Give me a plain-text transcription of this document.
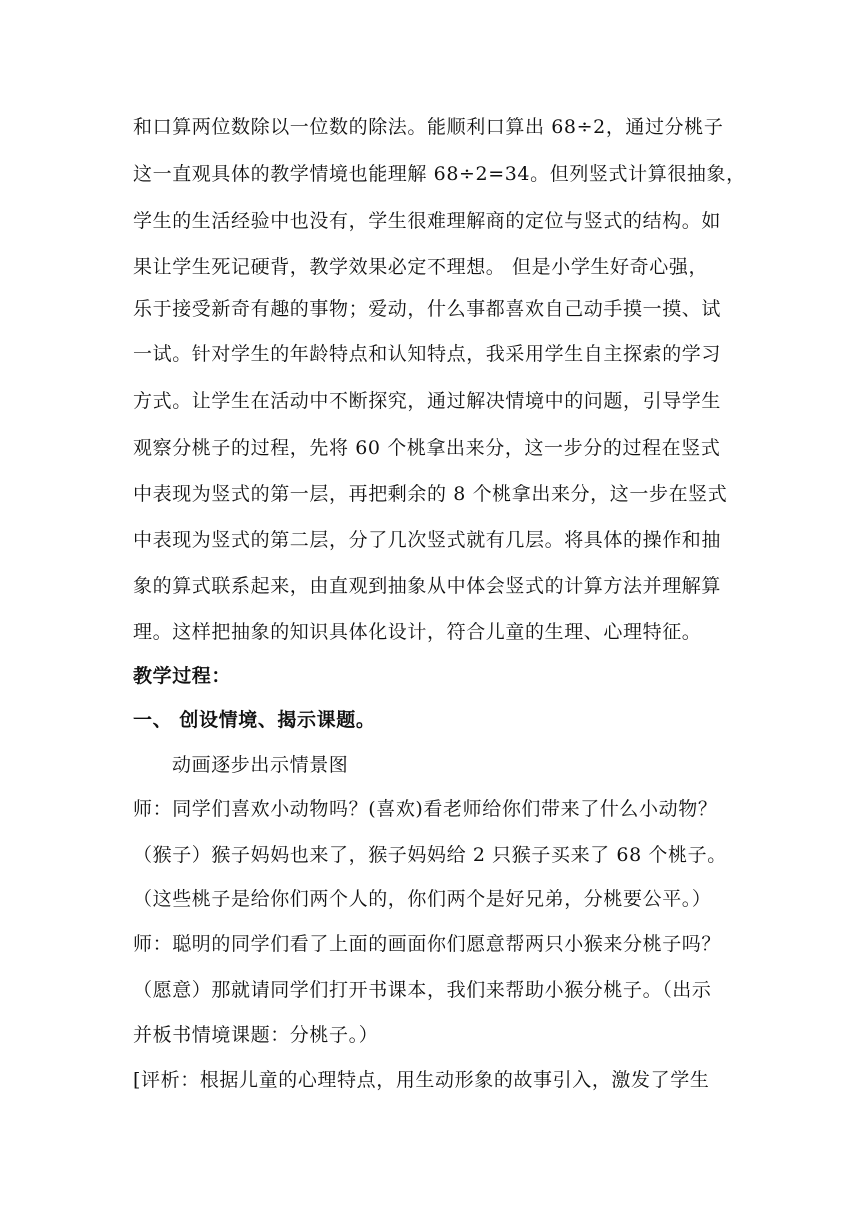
和口算两位数除以一位数的除法。能顺利口算出 68÷2，通过分桃子
这一直观具体的教学情境也能理解 68÷2=34。但列竖式计算很抽象，
学生的生活经验中也没有，学生很难理解商的定位与竖式的结构。如
果让学生死记硬背，教学效果必定不理想。 但是小学生好奇心强，
乐于接受新奇有趣的事物；爱动，什么事都喜欢自己动手摸一摸、试
一试。针对学生的年龄特点和认知特点，我采用学生自主探索的学习
方式。让学生在活动中不断探究，通过解决情境中的问题，引导学生
观察分桃子的过程，先将 60 个桃拿出来分，这一步分的过程在竖式
中表现为竖式的第一层，再把剩余的 8 个桃拿出来分，这一步在竖式
中表现为竖式的第二层，分了几次竖式就有几层。将具体的操作和抽
象的算式联系起来，由直观到抽象从中体会竖式的计算方法并理解算
理。这样把抽象的知识具体化设计，符合儿童的生理、心理特征。
教学过程：
一、 创设情境、揭示课题。
动画逐步出示情景图
师：同学们喜欢小动物吗？(喜欢)看老师给你们带来了什么小动物？
（猴子）猴子妈妈也来了，猴子妈妈给 2 只猴子买来了 68 个桃子。
（这些桃子是给你们两个人的，你们两个是好兄弟，分桃要公平。）
师：聪明的同学们看了上面的画面你们愿意帮两只小猴来分桃子吗？
（愿意）那就请同学们打开书课本，我们来帮助小猴分桃子。（出示
并板书情境课题：分桃子。）
[评析：根据儿童的心理特点，用生动形象的故事引入，激发了学生
